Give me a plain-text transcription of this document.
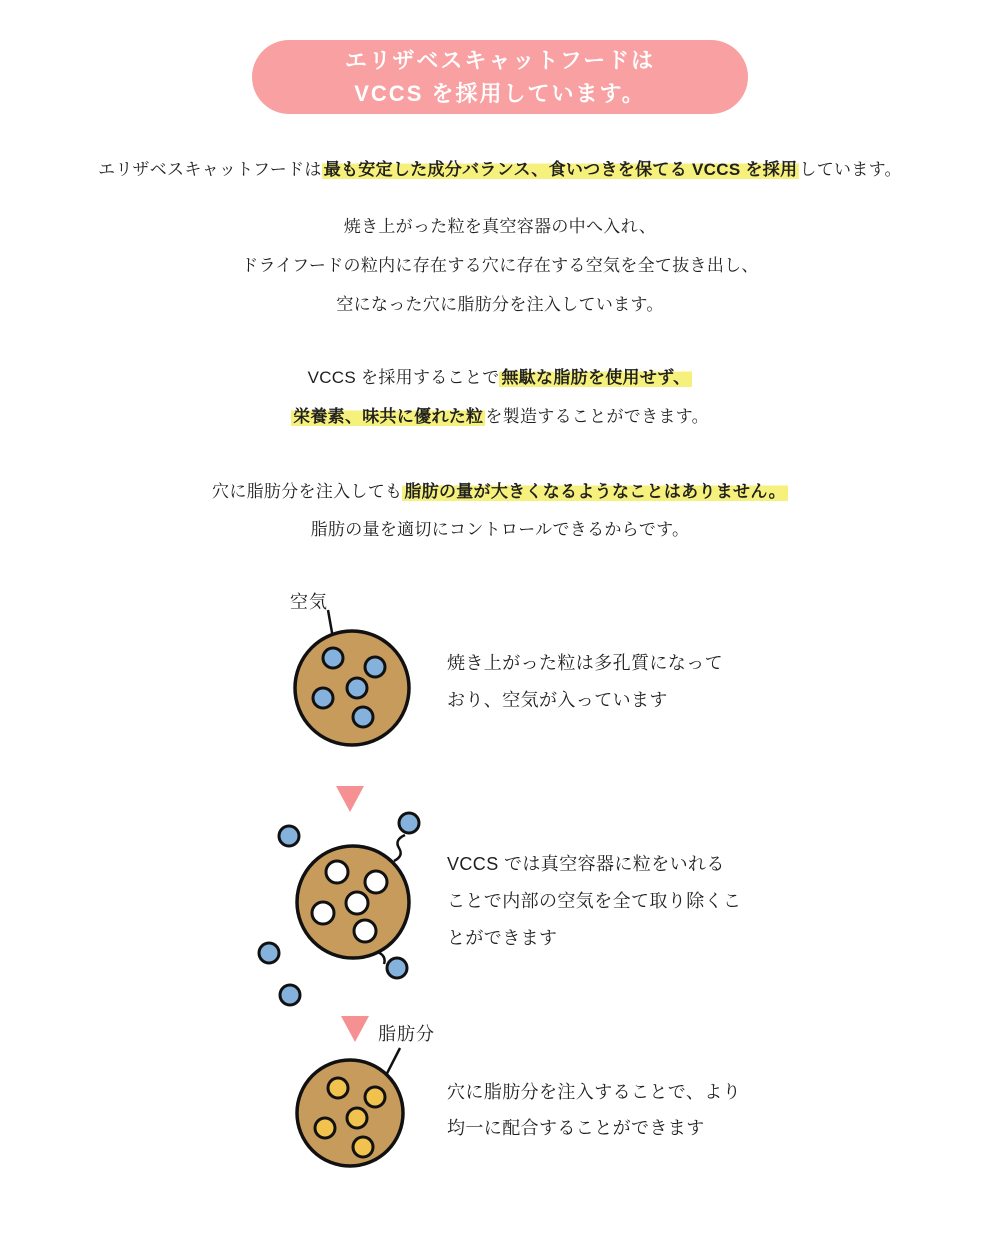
エリザベスキャットフードは
VCCS を採用しています。
エリザベスキャットフードは 最も安定した成分バランス、食いつきを保てる VCCS を採用 しています。
焼き上がった粒を真空容器の中へ入れ、
ドライフードの粒内に存在する穴に存在する空気を全て抜き出し、
空になった穴に脂肪分を注入しています。
VCCS を採用することで 無駄な脂肪を使用せず、
栄養素、味共に優れた粒 を製造することができます。
穴に脂肪分を注入しても 脂肪の量が大きくなるようなことはありません。
脂肪の量を適切にコントロールできるからです。
空気
焼き上がった粒は多孔質になって
おり、空気が入っています
VCCS では真空容器に粒をいれる
ことで内部の空気を全て取り除くこ
とができます
脂肪分
穴に脂肪分を注入することで、より
均一に配合することができます
